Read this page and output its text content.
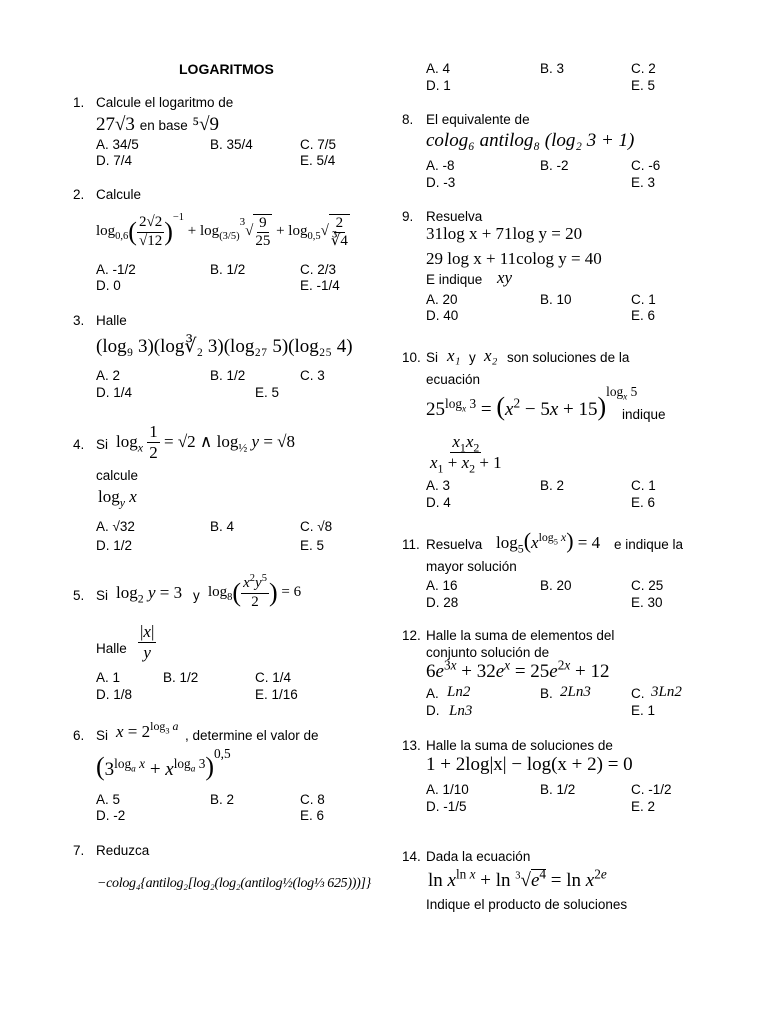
LOGARITMOS
1. Calcule el logaritmo de
27√3 en base ⁵√9
A. 34/5	B. 35/4	C. 7/5
D. 7/4	E. 5/4
2. Calcule
$\log_{0,6}$ ( $\frac{2√2}{√12} )^{-1}$
+ $\log_{(3/5)}$
3
√ $\frac{9}{25} + \log_{0,5}$ √ $\frac{2}{∛4}$
A. -1/2	B. 1/2	C. 2/3
D. 0	E. -1/4
3. Halle
(log₉ 3)(log∛₂ 3)(log₂₇ 5)(log₂₅ 4)
A. 2	B. 1/2	C. 3
D. 1/4	E. 5
4. Si $\log_x$
$\frac{1}{2} = √2$ ∧ $\log_{\frac{1}{2}} y = √8$
calcule
$\log_y x$
A. √32	B. 4	C. √8
D. 1/2	E. 5
5. Si $\log_2 y = 3$ y $\log_8$ ( $\frac{x^2y^5}{2}$ ) = 6
Halle $\frac{|x|}{y}$
A. 1	B. 1/2	C. 1/4
D. 1/8	E. 1/16
6. Si $x = 2^{log_3 a}$
, determine el valor de
$(3^{log_a x} + x^{log_a 3})^{0,5}$
A. 5	B. 2	C. 8
D. -2	E. 6
7. Reduzca
−colog₄{antilog₂[log₂(log₂(antilog½(log⅓ 625)))]}
A. 4	B. 3	C. 2
D. 1	E. 5
8. El equivalente de
colog₆ antilog₈ (log₂ 3 + 1)
A. -8	B. -2	C. -6
D. -3	E. 3
9. Resuelva
31log x + 71log y = 20
29 log x + 11colog y = 40
E indique xy
A. 20	B. 10	C. 1
D. 40	E. 6
10. Si x₁ y x₂ son soluciones de la
ecuación
$25^{log_x 3} = (x^2 - 5x + 15)^{log_x 5}$
indique
$\frac{x_1x_2}{x_1 + x_2 + 1}$
A. 3	B. 2	C. 1
D. 4	E. 6
11. Resuelva $\log_5(x^{log_5 x}) = 4$ e indique la
mayor solución
A. 16	B. 20	C. 25
D. 28	E. 30
12. Halle la suma de elementos del
conjunto solución de
$6e^{3x} + 32e^x = 25e^{2x} + 12$
A. Ln2	B. 2Ln3	C. 3Ln2
D. Ln3	E. 1
13. Halle la suma de soluciones de
1 + 2log|x| − log(x + 2) = 0
A. 1/10	B. 1/2	C. -1/2
D. -1/5	E. 2
14. Dada la ecuación
$\ln x^{ln x} + \ln ^3√e^4 = \ln x^{2e}$
Indique el producto de soluciones
